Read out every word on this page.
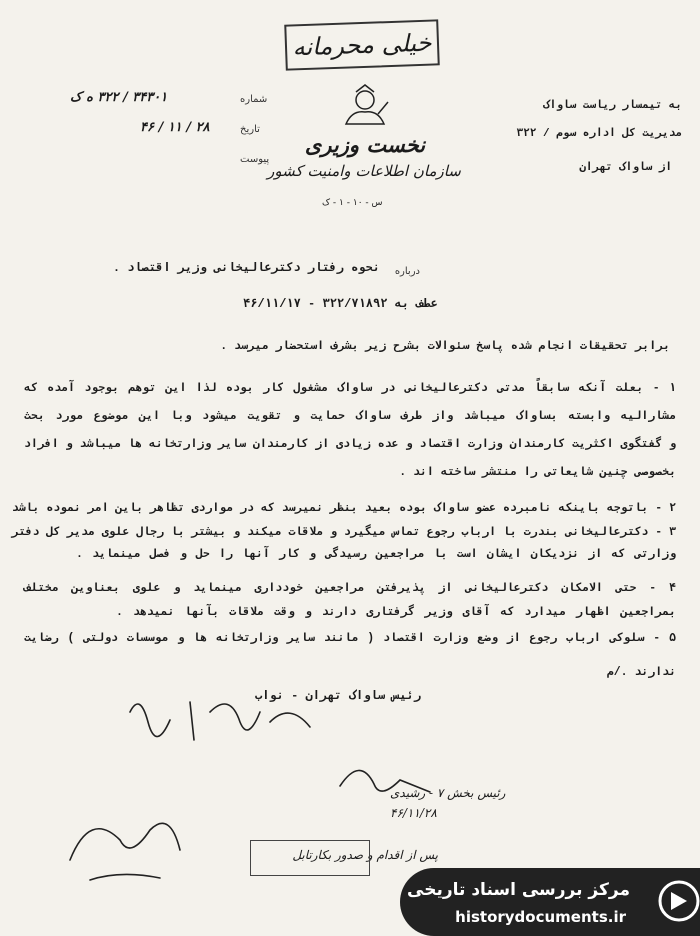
خیلی محرمانه
نخست وزیری
سازمان اطلاعات وامنیت کشور
س - ۱۰ - ۱ - ک
شماره
۳۴۳۰۱ / ۳۲۲ ه ک
تاریخ
۲۸ / ۱۱ / ۴۶
پیوست
به تیمسار ریاست ساواک
مدیریت کل اداره سوم / ۳۲۲
از ساواک تهران
درباره
نحوه رفتار دکترعالیخانی وزیر اقتصاد .
عطف به ۳۲۲/۷۱۸۹۲ - ۴۶/۱۱/۱۷
برابر تحقیقات انجام شده پاسخ سئوالات بشرح زیر بشرف استحضار میرسد .
۱ - بعلت آنکه سابقاً مدتی دکترعالیخانی در ساواک مشغول کار بوده لذا این توهم بوجود آمده که
مشارالیه وابسته بساواک میباشد واز طرف ساواک حمایت و تقویت میشود وبا این موضوع مورد بحث
و گفتگوی اکثریت کارمندان وزارت اقتصاد و عده زیادی از کارمندان سایر وزارتخانه ها میباشد و افراد
بخصوصی چنین شایعاتی را منتشر ساخته اند .
۲ - باتوجه باینکه نامبرده عضو ساواک بوده بعید بنظر نمیرسد که در مواردی تظاهر باین امر نموده باشد
۳ - دکترعالیخانی بندرت با ارباب رجوع تماس میگیرد و ملاقات میکند و بیشتر با رجال علوی مدیر کل دفتر
وزارتی که از نزدیکان ایشان است با مراجعین رسیدگی و کار آنها را حل و فصل مینماید .
۴ - حتی الامکان دکترعالیخانی از پذیرفتن مراجعین خودداری مینماید و علوی بعناوین مختلف
بمراجعین اظهار میدارد که آقای وزیر گرفتاری دارند و وقت ملاقات بآنها نمیدهد .
۵ - سلوکی ارباب رجوع از وضع وزارت اقتصاد ( مانند سایر وزارتخانه ها و موسسات دولتی ) رضایت
ندارند ./م
رئیس ساواک تهران - نواب
رئیس بخش ۷ - رشیدی
۴۶/۱۱/۲۸
پس از اقدام و صدور بکارتابل
مرکز بررسی اسناد تاریخی
historydocuments.ir
